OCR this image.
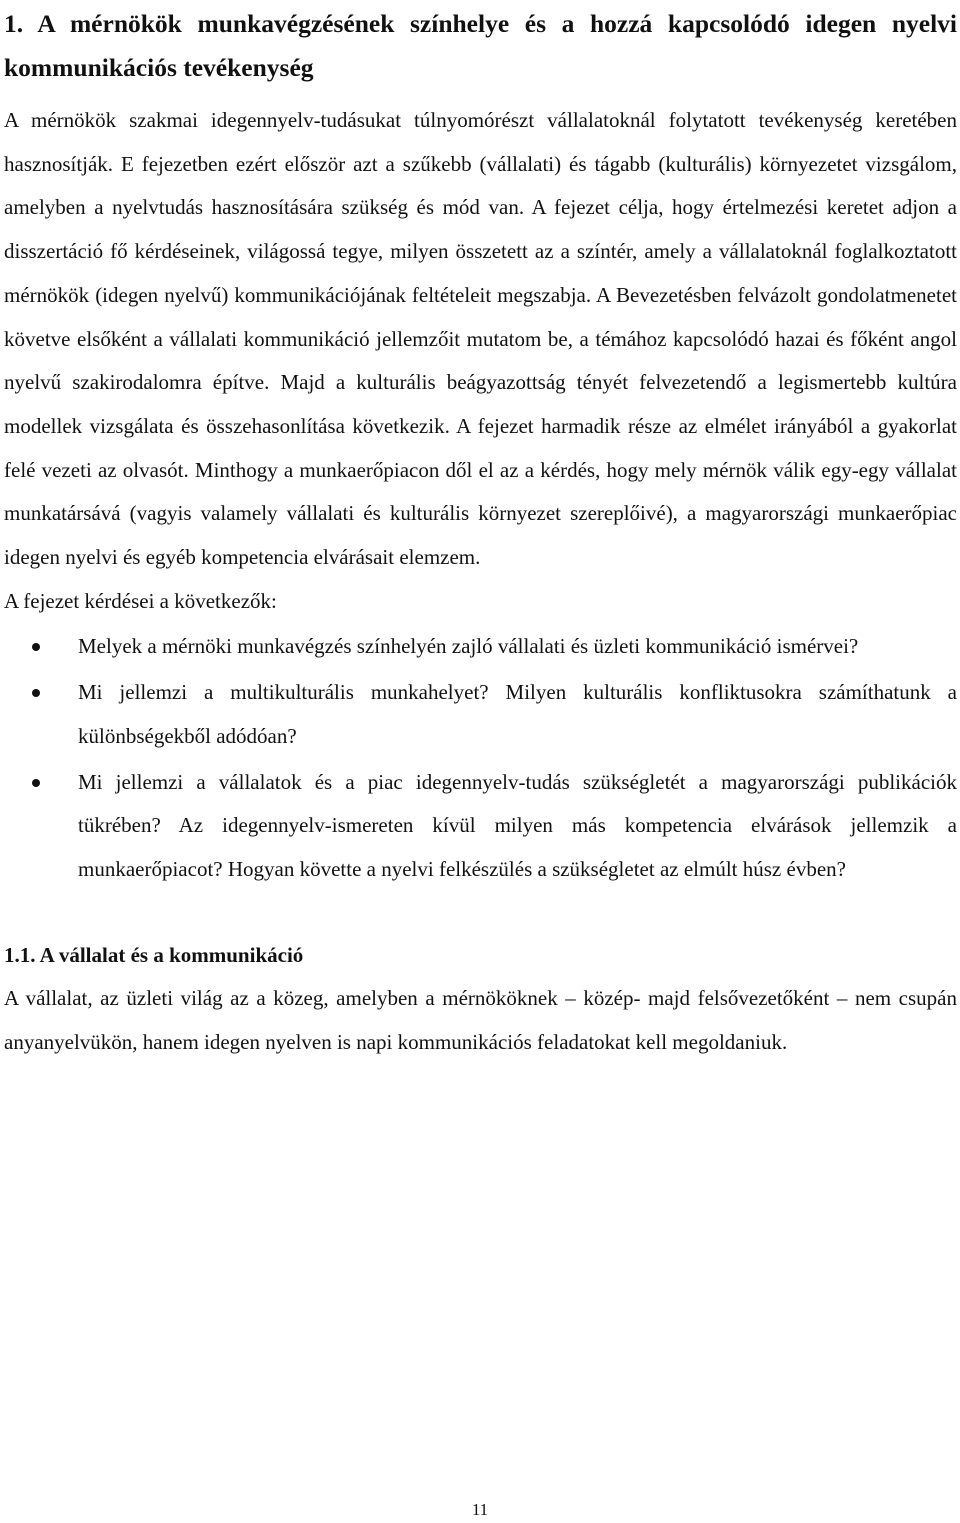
1. A mérnökök munkavégzésének színhelye és a hozzá kapcsolódó idegen nyelvi kommunikációs tevékenység

A mérnökök szakmai idegennyelv-tudásukat túlnyomórészt vállalatoknál folytatott tevékenység keretében hasznosítják. E fejezetben ezért először azt a szűkebb (vállalati) és tágabb (kulturális) környezetet vizsgálom, amelyben a nyelvtudás hasznosítására szükség és mód van. A fejezet célja, hogy értelmezési keretet adjon a disszertáció fő kérdéseinek, világossá tegye, milyen összetett az a színtér, amely a vállalatoknál foglalkoztatott mérnökök (idegen nyelvű) kommunikációjának feltételeit megszabja. A Bevezetésben felvázolt gondolatmenetet követve elsőként a vállalati kommunikáció jellemzőit mutatom be, a témához kapcsolódó hazai és főként angol nyelvű szakirodalomra építve. Majd a kulturális beágyazottság tényét felvezetendő a legismertebb kultúra modellek vizsgálata és összehasonlítása következik. A fejezet harmadik része az elmélet irányából a gyakorlat felé vezeti az olvasót. Minthogy a munkaerőpiacon dől el az a kérdés, hogy mely mérnök válik egy-egy vállalat munkatársává (vagyis valamely vállalati és kulturális környezet szereplőivé), a magyarországi munkaerőpiac idegen nyelvi és egyéb kompetencia elvárásait elemzem.

A fejezet kérdései a következők:

Melyek a mérnöki munkavégzés színhelyén zajló vállalati és üzleti kommunikáció ismérvei?
Mi jellemzi a multikulturális munkahelyet? Milyen kulturális konfliktusokra számíthatunk a különbségekből adódóan?
Mi jellemzi a vállalatok és a piac idegennyelv-tudás szükségletét a magyarországi publikációk tükrében? Az idegennyelv-ismereten kívül milyen más kompetencia elvárások jellemzik a munkaerőpiacot? Hogyan követte a nyelvi felkészülés a szükségletet az elmúlt húsz évben?
1.1. A vállalat és a kommunikáció

A vállalat, az üzleti világ az a közeg, amelyben a mérnököknek – közép- majd felsővezetőként – nem csupán anyanyelvükön, hanem idegen nyelven is napi kommunikációs feladatokat kell megoldaniuk.

11
